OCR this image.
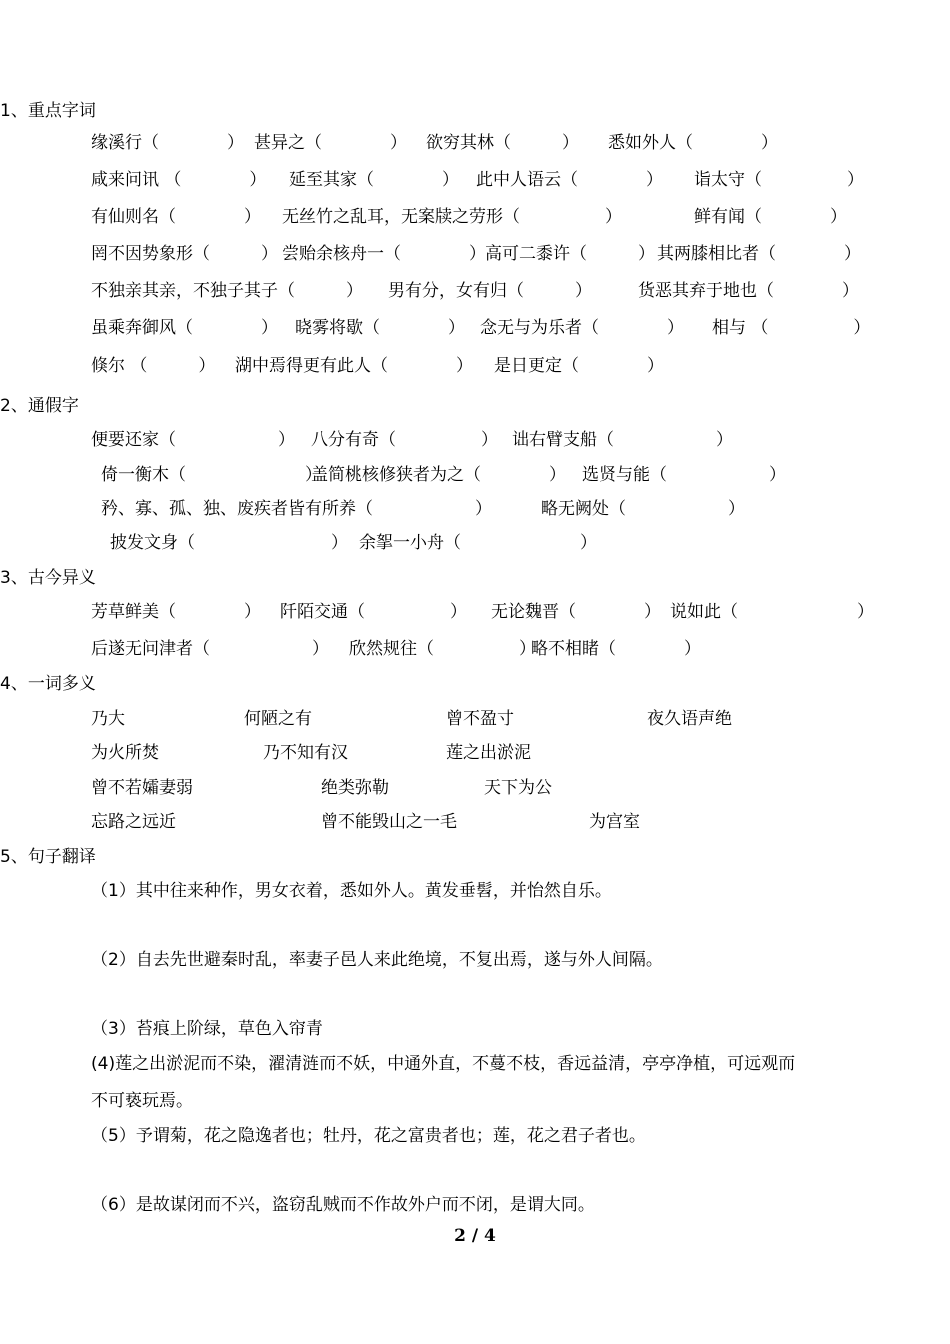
1、重点字词
缘溪行（　　　　） 甚异之（　　　　） 欲穷其林（　　　） 悉如外人（　　　　）
咸来问讯 （　　　　） 延至其家（　　　　） 此中人语云（　　　　） 诣太守（　　　　　）
有仙则名（　　　　） 无丝竹之乱耳，无案牍之劳形（　　　　　）	鲜有闻（　　　　）
罔不因势象形（　　　） 尝贻余核舟一（　　　　） 高可二黍许（　　　） 其两膝相比者（　　　　）
不独亲其亲，不独子其子（　　　） 男有分，女有归（　　　）	货恶其弃于地也（　　　　）
虽乘奔御风（　　　　） 晓雾将歇（　　　　） 念无与为乐者（　　　　） 相与 （　　　　　）
倏尔 （　　　） 湖中焉得更有此人（　　　　） 是日更定（　　　　）
2、通假字
便要还家（　　　　　　） 八分有奇（　　　　　） 诎右臂支船（　　　　　　）
倚一衡木（　　　　　　　）
盖简桃核修狭者为之（　　　　） 选贤与能（　　　　　　）
矜、寡、孤、独、废疾者皆有所养（　　　　　　）	略无阙处（　　　　　　）
披发文身（　　　　　　　　） 余挐一小舟（　　　　　　　）
3、古今异义
芳草鲜美（　　　　） 阡陌交通（　　　　　） 无论魏晋（　　　　） 说如此（　　　　　　　）
后遂无问津者（　　　　　　） 欣然规往（　　　　　）
略不相睹（　　　　）
4、一词多义
乃大	何陋之有	曾不盈寸	夜久语声绝
为火所焚	乃不知有汉	莲之出淤泥
曾不若孀妻弱	绝类弥勒	天下为公
忘路之远近	曾不能毁山之一毛	为宫室
5、句子翻译
（1）其中往来种作，男女衣着，悉如外人。黄发垂髫，并怡然自乐。
（2）自去先世避秦时乱，率妻子邑人来此绝境，不复出焉，遂与外人间隔。
（3）苔痕上阶绿，草色入帘青
(4)莲之出淤泥而不染，濯清涟而不妖，中通外直，不蔓不枝，香远益清，亭亭净植，可远观而
不可亵玩焉。
（5）予谓菊，花之隐逸者也；牡丹，花之富贵者也；莲，花之君子者也。
（6）是故谋闭而不兴，盗窃乱贼而不作故外户而不闭，是谓大同。
2 / 4
